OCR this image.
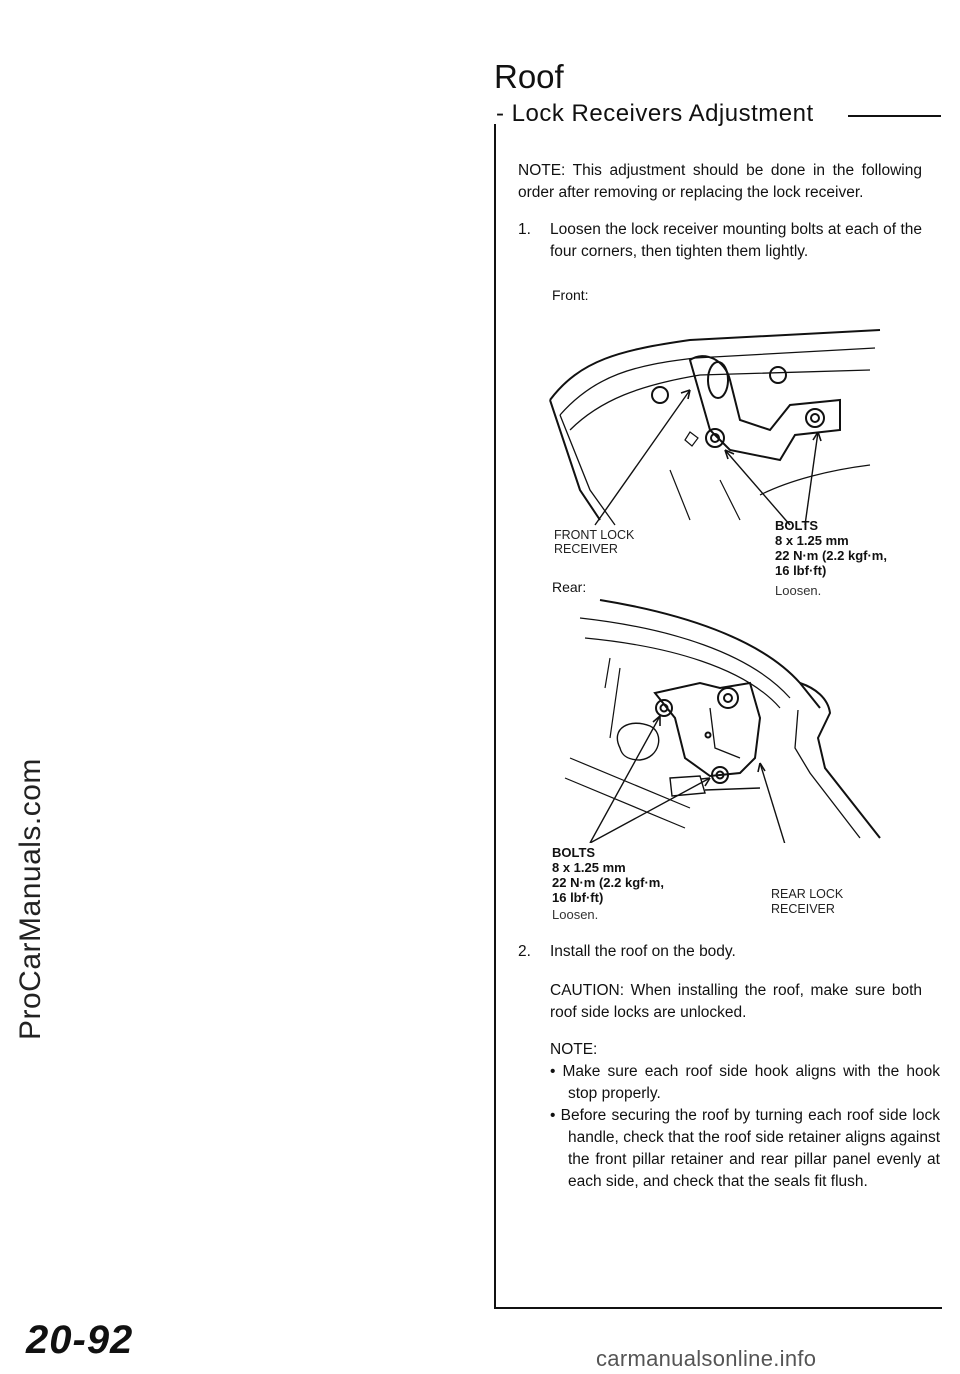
ProCarManuals.com
Roof
- Lock Receivers Adjustment
NOTE: This adjustment should be done in the following order after removing or replacing the lock receiver.
1. Loosen the lock receiver mounting bolts at each of the four corners, then tighten them lightly.
Front:
FRONT LOCK
RECEIVER
BOLTS
8 x 1.25 mm
22 N·m (2.2 kgf·m,
16 lbf·ft)
Loosen.
Rear:
BOLTS
8 x 1.25 mm
22 N·m (2.2 kgf·m,
16 lbf·ft)
Loosen.
REAR LOCK
RECEIVER
2. Install the roof on the body.
CAUTION: When installing the roof, make sure both roof side locks are unlocked.
NOTE:
• Make sure each roof side hook aligns with the hook stop properly.
• Before securing the roof by turning each roof side lock handle, check that the roof side retainer aligns against the front pillar retainer and rear pillar panel evenly at each side, and check that the seals fit flush.
20-92	carmanualsonline.info
